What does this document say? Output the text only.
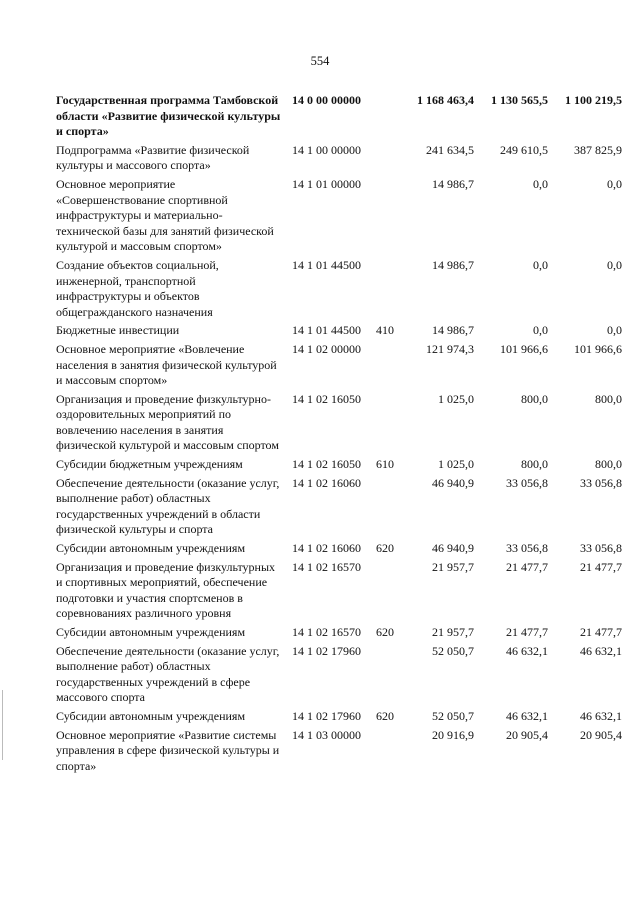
554
Государственная программа Тамбовской области «Развитие физической культуры и спорта»	14 0 00 00000		1 168 463,4	1 130 565,5	1 100 219,5
Подпрограмма «Развитие физической культуры и массового спорта»	14 1 00 00000		241 634,5	249 610,5	387 825,9
Основное мероприятие «Совершенствование спортивной инфраструктуры и материально-технической базы для занятий физической культурой и массовым спортом»	14 1 01 00000		14 986,7	0,0	0,0
Создание объектов социальной, инженерной, транспортной инфраструктуры и объектов общегражданского назначения	14 1 01 44500		14 986,7	0,0	0,0
Бюджетные инвестиции	14 1 01 44500	410	14 986,7	0,0	0,0
Основное мероприятие «Вовлечение населения в занятия физической культурой и массовым спортом»	14 1 02 00000		121 974,3	101 966,6	101 966,6
Организация и проведение физкультурно-оздоровительных мероприятий по вовлечению населения в занятия физической культурой и массовым спортом	14 1 02 16050		1 025,0	800,0	800,0
Субсидии бюджетным учреждениям	14 1 02 16050	610	1 025,0	800,0	800,0
Обеспечение деятельности (оказание услуг, выполнение работ) областных государственных учреждений в области физической культуры и спорта	14 1 02 16060		46 940,9	33 056,8	33 056,8
Субсидии автономным учреждениям	14 1 02 16060	620	46 940,9	33 056,8	33 056,8
Организация и проведение физкультурных и спортивных мероприятий, обеспечение подготовки и участия спортсменов в соревнованиях различного уровня	14 1 02 16570		21 957,7	21 477,7	21 477,7
Субсидии автономным учреждениям	14 1 02 16570	620	21 957,7	21 477,7	21 477,7
Обеспечение деятельности (оказание услуг, выполнение работ) областных государственных учреждений в сфере массового спорта	14 1 02 17960		52 050,7	46 632,1	46 632,1
Субсидии автономным учреждениям	14 1 02 17960	620	52 050,7	46 632,1	46 632,1
Основное мероприятие «Развитие системы управления в сфере физической культуры и спорта»	14 1 03 00000		20 916,9	20 905,4	20 905,4
